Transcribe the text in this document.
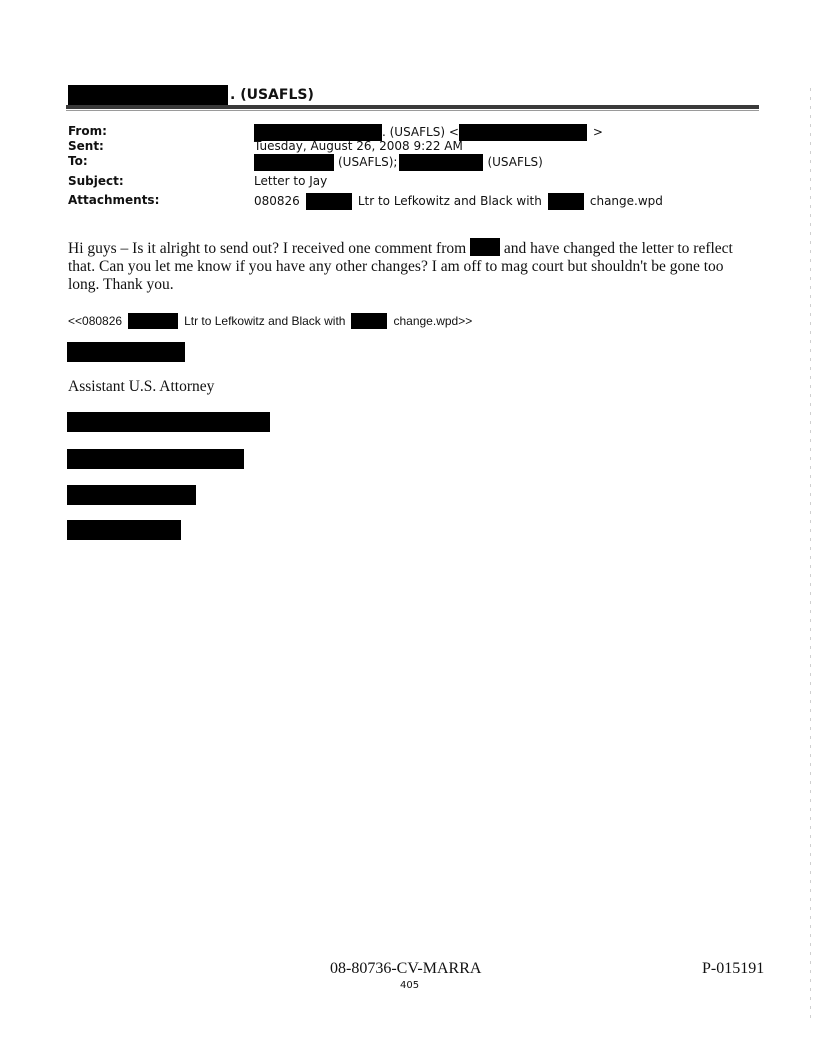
. (USAFLS)
From:	. (USAFLS) <	>
Sent:	Tuesday, August 26, 2008 9:22 AM
To:	(USAFLS);	(USAFLS)
Subject:	Letter to Jay
Attachments:	080826	Ltr to Lefkowitz and Black with	change.wpd
Hi guys – Is it alright to send out? I received one comment from and have changed the letter to reflect that. Can you let me know if you have any other changes? I am off to mag court but shouldn't be gone too long. Thank you.
<<080826	Ltr to Lefkowitz and Black with	change.wpd>>
Assistant U.S. Attorney
08-80736-CV-MARRA
405
P-015191
